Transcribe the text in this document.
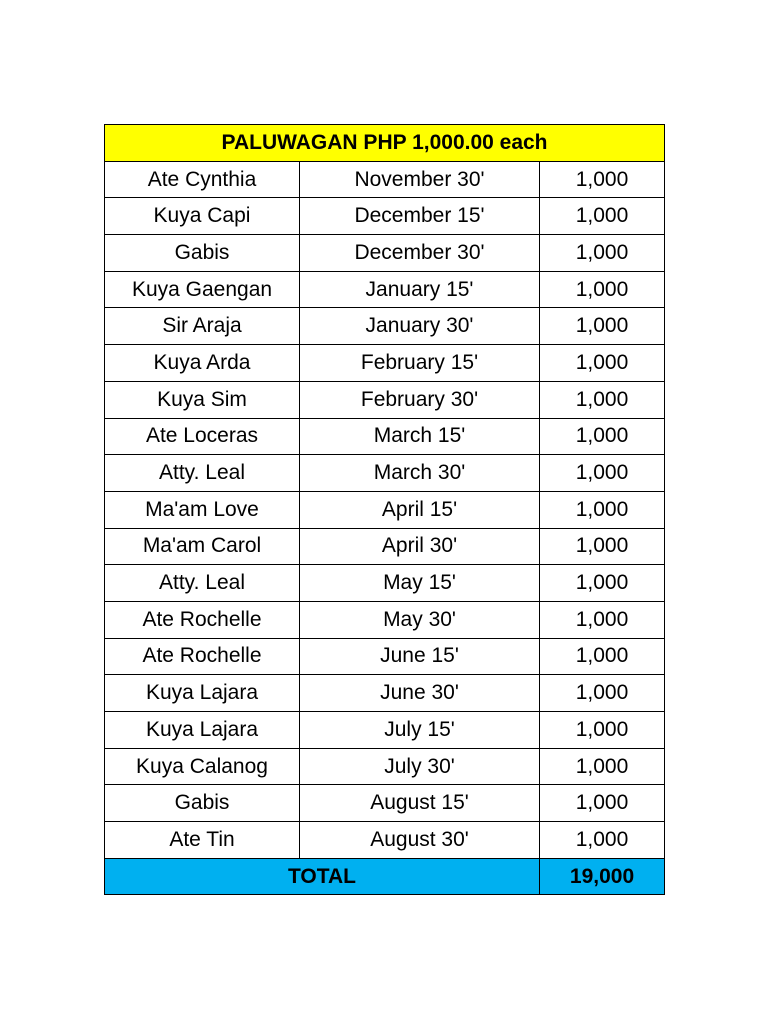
PALUWAGAN PHP 1,000.00 each		
Ate Cynthia	November 30'	1,000
Kuya Capi	December 15'	1,000
Gabis	December 30'	1,000
Kuya Gaengan	January 15'	1,000
Sir Araja	January 30'	1,000
Kuya Arda	February 15'	1,000
Kuya Sim	February 30'	1,000
Ate Loceras	March 15'	1,000
Atty. Leal	March 30'	1,000
Ma'am Love	April 15'	1,000
Ma'am Carol	April 30'	1,000
Atty. Leal	May 15'	1,000
Ate Rochelle	May 30'	1,000
Ate Rochelle	June 15'	1,000
Kuya Lajara	June 30'	1,000
Kuya Lajara	July 15'	1,000
Kuya Calanog	July 30'	1,000
Gabis	August 15'	1,000
Ate Tin	August 30'	1,000
TOTAL		19,000
